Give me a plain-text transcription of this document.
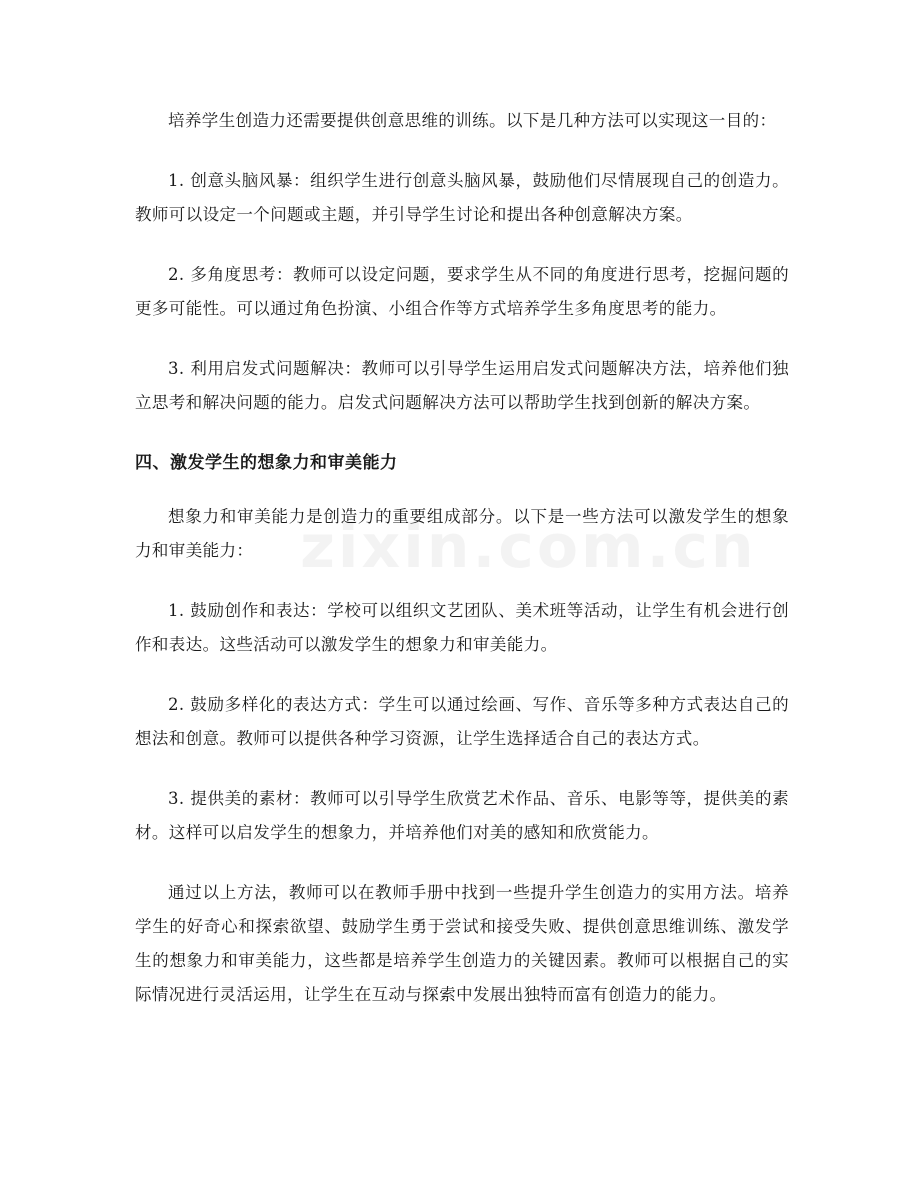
培养学生创造力还需要提供创意思维的训练。以下是几种方法可以实现这一目的：

1. 创意头脑风暴：组织学生进行创意头脑风暴，鼓励他们尽情展现自己的创造力。教师可以设定一个问题或主题，并引导学生讨论和提出各种创意解决方案。

2. 多角度思考：教师可以设定问题，要求学生从不同的角度进行思考，挖掘问题的更多可能性。可以通过角色扮演、小组合作等方式培养学生多角度思考的能力。

3. 利用启发式问题解决：教师可以引导学生运用启发式问题解决方法，培养他们独立思考和解决问题的能力。启发式问题解决方法可以帮助学生找到创新的解决方案。

四、激发学生的想象力和审美能力

想象力和审美能力是创造力的重要组成部分。以下是一些方法可以激发学生的想象力和审美能力：

1. 鼓励创作和表达：学校可以组织文艺团队、美术班等活动，让学生有机会进行创作和表达。这些活动可以激发学生的想象力和审美能力。

2. 鼓励多样化的表达方式：学生可以通过绘画、写作、音乐等多种方式表达自己的想法和创意。教师可以提供各种学习资源，让学生选择适合自己的表达方式。

3. 提供美的素材：教师可以引导学生欣赏艺术作品、音乐、电影等等，提供美的素材。这样可以启发学生的想象力，并培养他们对美的感知和欣赏能力。

通过以上方法，教师可以在教师手册中找到一些提升学生创造力的实用方法。培养学生的好奇心和探索欲望、鼓励学生勇于尝试和接受失败、提供创意思维训练、激发学生的想象力和审美能力，这些都是培养学生创造力的关键因素。教师可以根据自己的实际情况进行灵活运用，让学生在互动与探索中发展出独特而富有创造力的能力。
